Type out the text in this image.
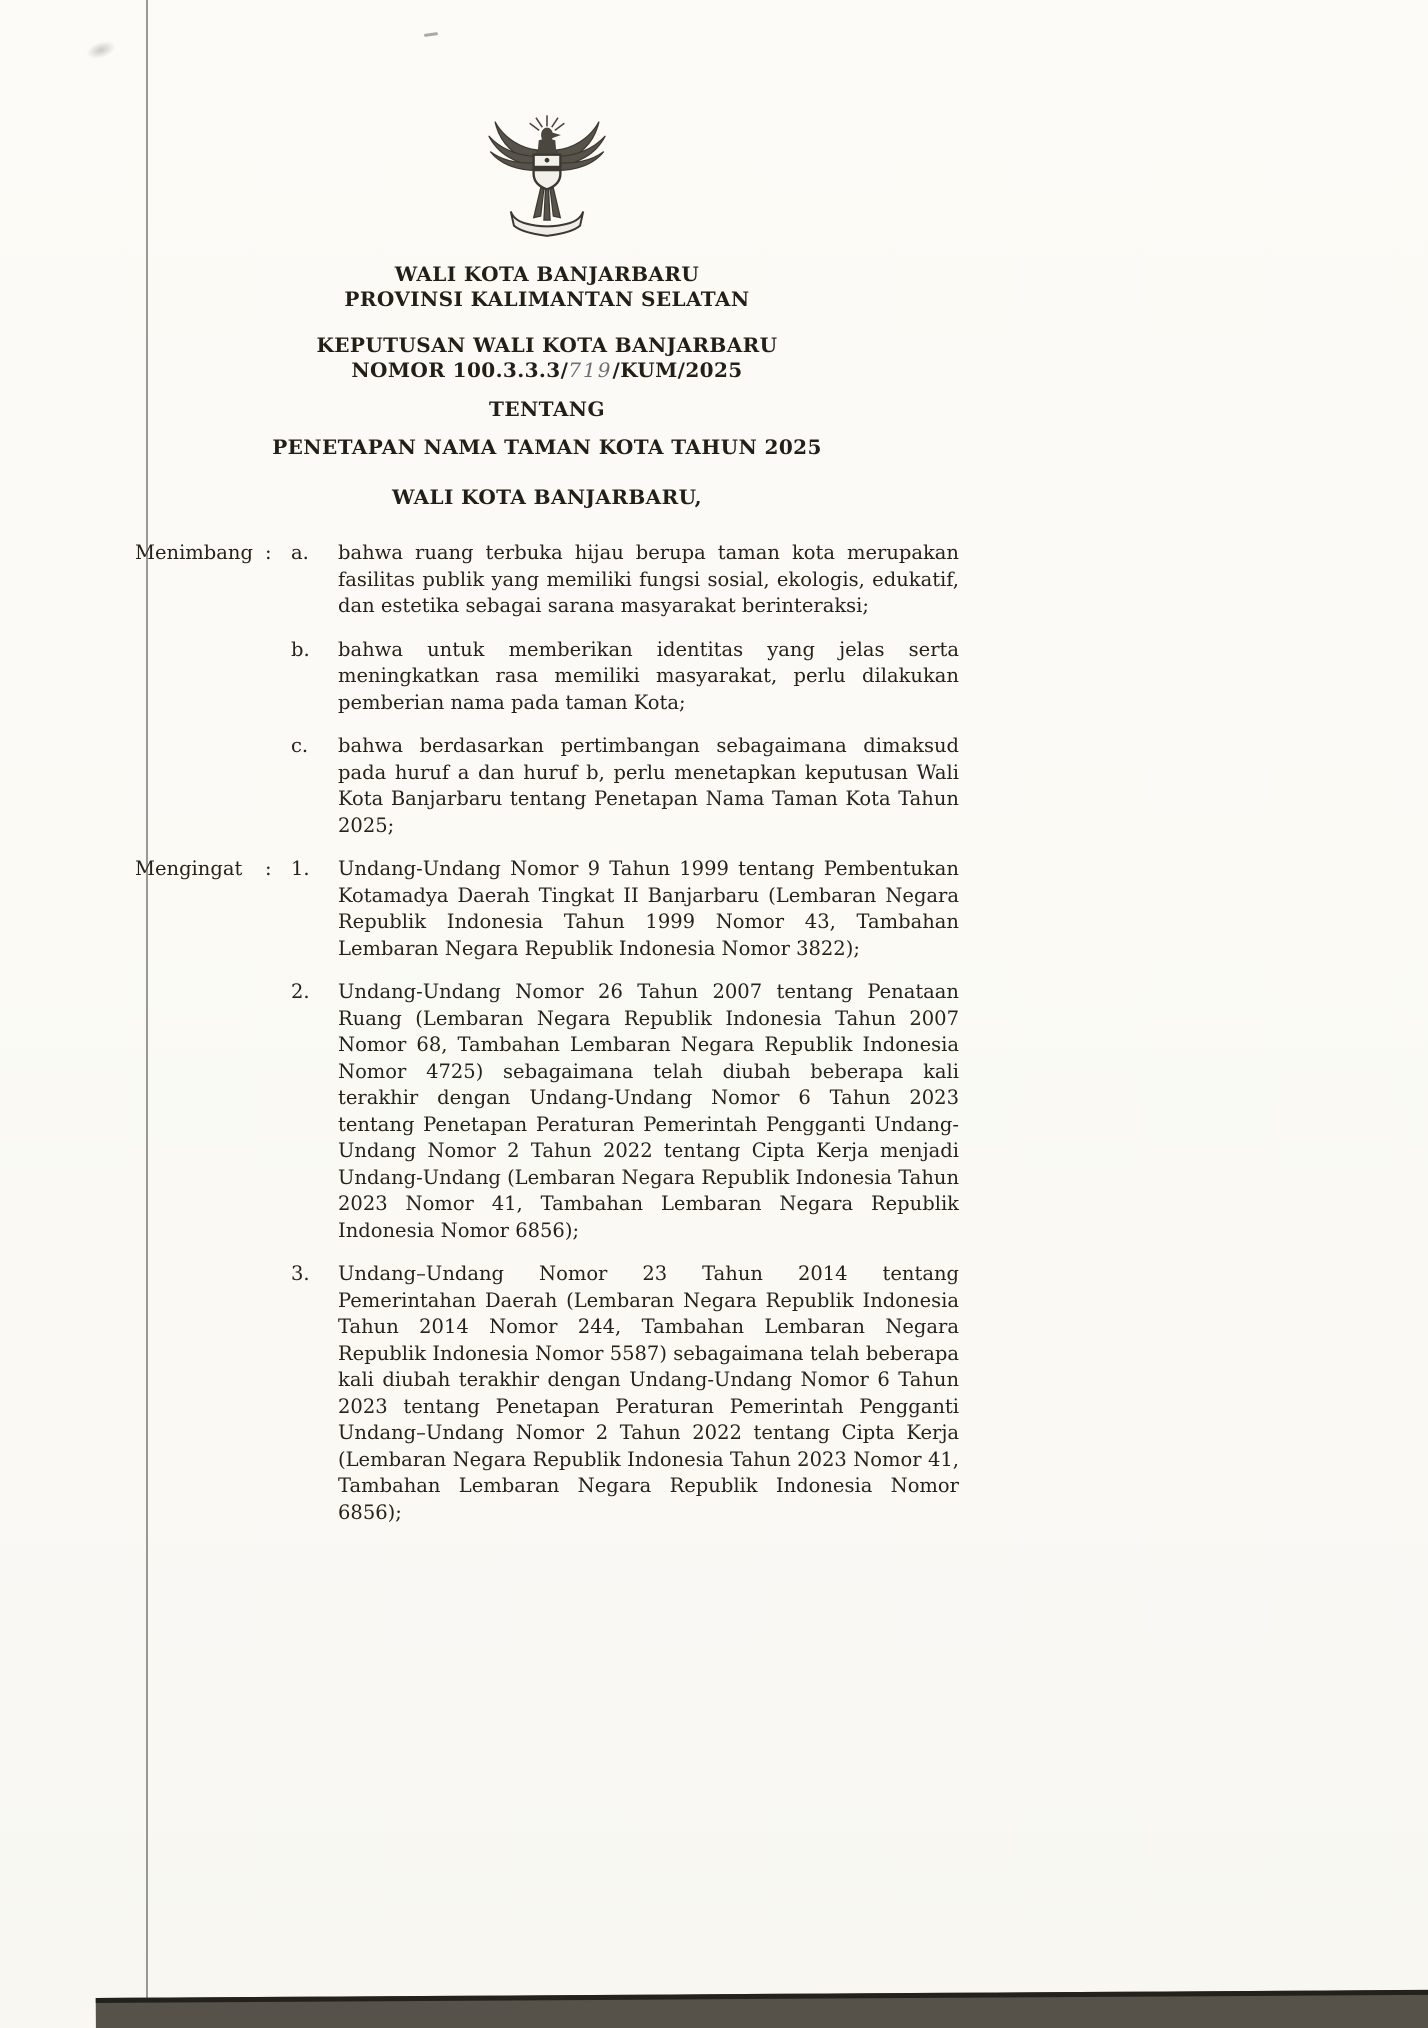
WALI KOTA BANJARBARU
PROVINSI KALIMANTAN SELATAN
KEPUTUSAN WALI KOTA BANJARBARU
NOMOR 100.3.3.3/719/KUM/2025
TENTANG
PENETAPAN NAMA TAMAN KOTA TAHUN 2025
WALI KOTA BANJARBARU,
Menimbang : a.	bahwa ruang terbuka hijau berupa taman kota merupakan fasilitas publik yang memiliki fungsi sosial, ekologis, edukatif, dan estetika sebagai sarana masyarakat berinteraksi;
b.	bahwa untuk memberikan identitas yang jelas serta meningkatkan rasa memiliki masyarakat, perlu dilakukan pemberian nama pada taman Kota;
c.	bahwa berdasarkan pertimbangan sebagaimana dimaksud pada huruf a dan huruf b, perlu menetapkan keputusan Wali Kota Banjarbaru tentang Penetapan Nama Taman Kota Tahun 2025;
Mengingat	: 1.	Undang-Undang Nomor 9 Tahun 1999 tentang Pembentukan Kotamadya Daerah Tingkat II Banjarbaru (Lembaran Negara Republik Indonesia Tahun 1999 Nomor 43, Tambahan Lembaran Negara Republik Indonesia Nomor 3822);
2.	Undang-Undang Nomor 26 Tahun 2007 tentang Penataan Ruang (Lembaran Negara Republik Indonesia Tahun 2007 Nomor 68, Tambahan Lembaran Negara Republik Indonesia Nomor 4725) sebagaimana telah diubah beberapa kali terakhir dengan Undang-Undang Nomor 6 Tahun 2023 tentang Penetapan Peraturan Pemerintah Pengganti Undang-Undang Nomor 2 Tahun 2022 tentang Cipta Kerja menjadi Undang-Undang (Lembaran Negara Republik Indonesia Tahun 2023 Nomor 41, Tambahan Lembaran Negara Republik Indonesia Nomor 6856);
3.	Undang–Undang Nomor 23 Tahun 2014 tentang Pemerintahan Daerah (Lembaran Negara Republik Indonesia Tahun 2014 Nomor 244, Tambahan Lembaran Negara Republik Indonesia Nomor 5587) sebagaimana telah beberapa kali diubah terakhir dengan Undang-Undang Nomor 6 Tahun 2023 tentang Penetapan Peraturan Pemerintah Pengganti Undang–Undang Nomor 2 Tahun 2022 tentang Cipta Kerja (Lembaran Negara Republik Indonesia Tahun 2023 Nomor 41, Tambahan Lembaran Negara Republik Indonesia Nomor 6856);
